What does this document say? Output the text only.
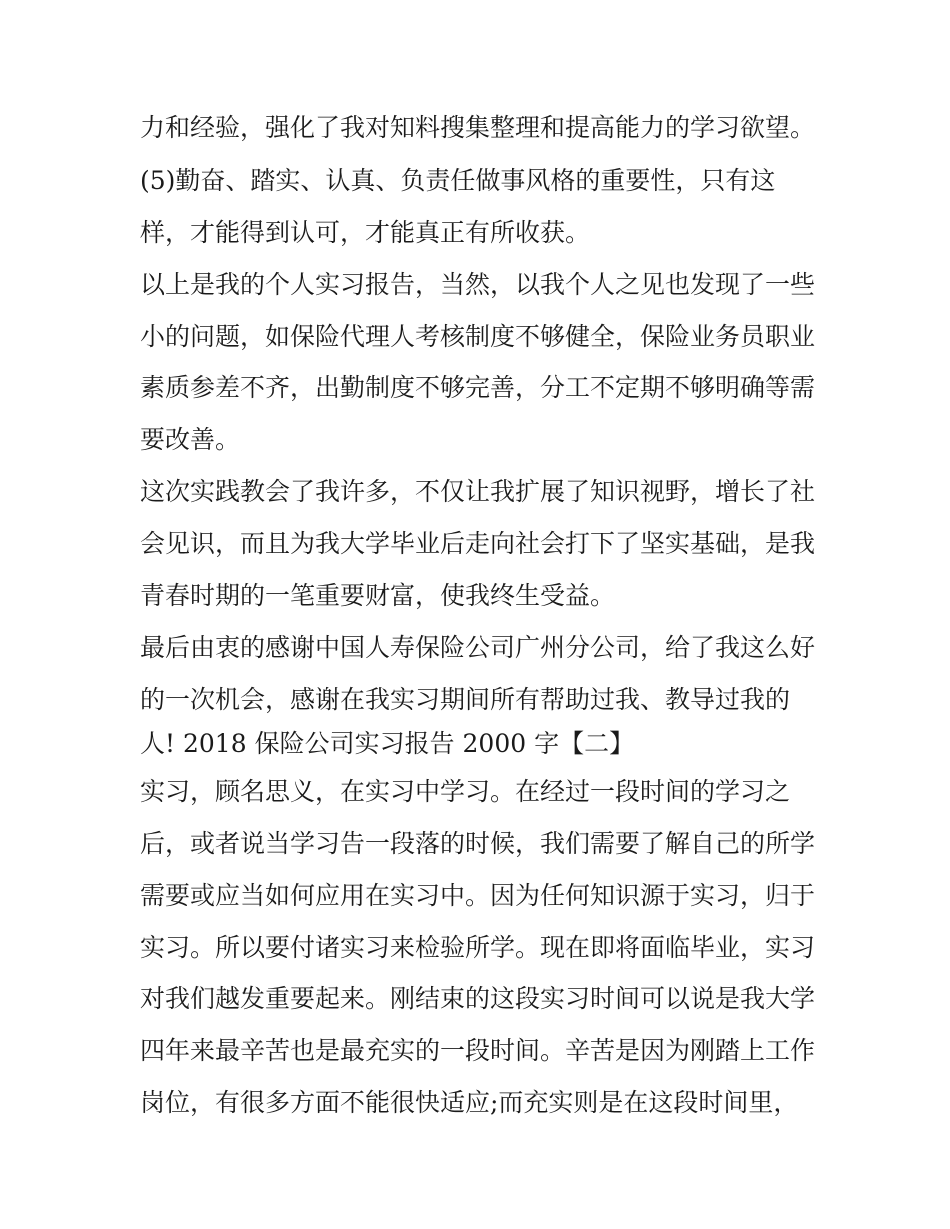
力和经验，强化了我对知料搜集整理和提高能力的学习欲望。
(5)勤奋、踏实、认真、负责任做事风格的重要性，只有这
样，才能得到认可，才能真正有所收获。
以上是我的个人实习报告，当然，以我个人之见也发现了一些
小的问题，如保险代理人考核制度不够健全，保险业务员职业
素质参差不齐，出勤制度不够完善，分工不定期不够明确等需
要改善。
这次实践教会了我许多，不仅让我扩展了知识视野，增长了社
会见识，而且为我大学毕业后走向社会打下了坚实基础，是我
青春时期的一笔重要财富，使我终生受益。
最后由衷的感谢中国人寿保险公司广州分公司，给了我这么好
的一次机会，感谢在我实习期间所有帮助过我、教导过我的
人! 2018 保险公司实习报告 2000 字【二】
实习，顾名思义，在实习中学习。在经过一段时间的学习之
后，或者说当学习告一段落的时候，我们需要了解自己的所学
需要或应当如何应用在实习中。因为任何知识源于实习，归于
实习。所以要付诸实习来检验所学。现在即将面临毕业，实习
对我们越发重要起来。刚结束的这段实习时间可以说是我大学
四年来最辛苦也是最充实的一段时间。辛苦是因为刚踏上工作
岗位，有很多方面不能很快适应;而充实则是在这段时间里，
